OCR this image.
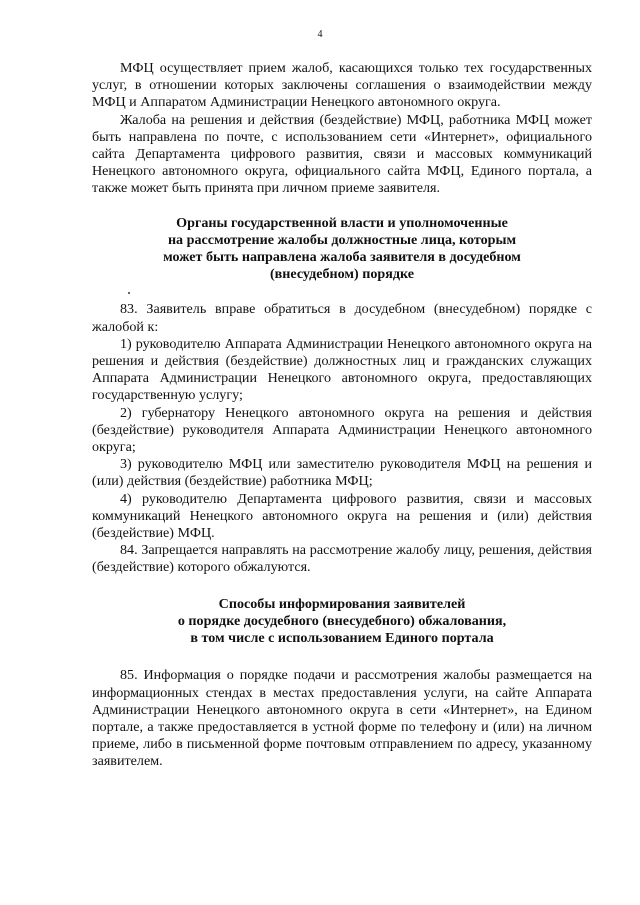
4

МФЦ осуществляет прием жалоб, касающихся только тех государственных услуг, в отношении которых заключены соглашения о взаимодействии между МФЦ и Аппаратом Администрации Ненецкого автономного округа.

Жалоба на решения и действия (бездействие) МФЦ, работника МФЦ может быть направлена по почте, с использованием сети «Интернет», официального сайта Департамента цифрового развития, связи и массовых коммуникаций Ненецкого автономного округа, официального сайта МФЦ, Единого портала, а также может быть принята при личном приеме заявителя.

Органы государственной власти и уполномоченные
на рассмотрение жалобы должностные лица, которым
может быть направлена жалоба заявителя в досудебном
(внесудебном) порядке

83. Заявитель вправе обратиться в досудебном (внесудебном) порядке с жалобой к:

1) руководителю Аппарата Администрации Ненецкого автономного округа на решения и действия (бездействие) должностных лиц и гражданских служащих Аппарата Администрации Ненецкого автономного округа, предоставляющих государственную услугу;

2) губернатору Ненецкого автономного округа на решения и действия (бездействие) руководителя Аппарата Администрации Ненецкого автономного округа;

3) руководителю МФЦ или заместителю руководителя МФЦ на решения и (или) действия (бездействие) работника МФЦ;

4) руководителю Департамента цифрового развития, связи и массовых коммуникаций Ненецкого автономного округа на решения и (или) действия (бездействие) МФЦ.

84. Запрещается направлять на рассмотрение жалобу лицу, решения, действия (бездействие) которого обжалуются.

Способы информирования заявителей
о порядке досудебного (внесудебного) обжалования,
в том числе с использованием Единого портала

85. Информация о порядке подачи и рассмотрения жалобы размещается на информационных стендах в местах предоставления услуги, на сайте Аппарата Администрации Ненецкого автономного округа в сети «Интернет», на Едином портале, а также предоставляется в устной форме по телефону и (или) на личном приеме, либо в письменной форме почтовым отправлением по адресу, указанному заявителем.
